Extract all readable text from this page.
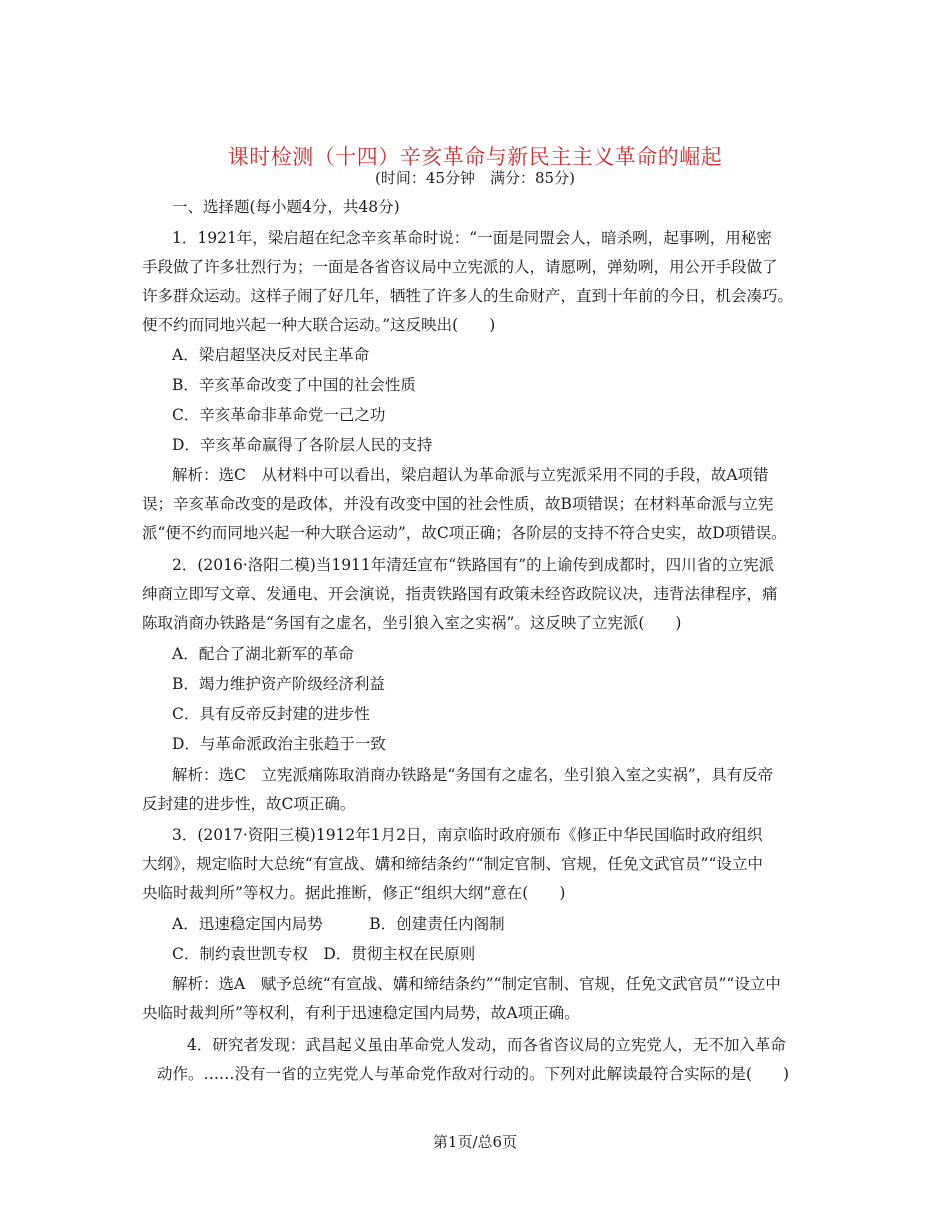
课时检测（十四）辛亥革命与新民主主义革命的崛起
(时间：45分钟　满分：85分)
一、选择题(每小题4分，共48分)
1．1921年，梁启超在纪念辛亥革命时说：“一面是同盟会人，暗杀咧，起事咧，用秘密
手段做了许多壮烈行为；一面是各省咨议局中立宪派的人，请愿咧，弹劾咧，用公开手段做了
许多群众运动。这样子闹了好几年，牺牲了许多人的生命财产，直到十年前的今日，机会凑巧。
便不约而同地兴起一种大联合运动。”这反映出(　　)
A．梁启超坚决反对民主革命
B．辛亥革命改变了中国的社会性质
C．辛亥革命非革命党一己之功
D．辛亥革命赢得了各阶层人民的支持
解析：选C　从材料中可以看出，梁启超认为革命派与立宪派采用不同的手段，故A项错
误；辛亥革命改变的是政体，并没有改变中国的社会性质，故B项错误；在材料革命派与立宪
派“便不约而同地兴起一种大联合运动”，故C项正确；各阶层的支持不符合史实，故D项错误。
2．(2016·洛阳二模)当1911年清廷宣布“铁路国有”的上谕传到成都时，四川省的立宪派
绅商立即写文章、发通电、开会演说，指责铁路国有政策未经咨政院议决，违背法律程序，痛
陈取消商办铁路是“务国有之虚名，坐引狼入室之实祸”。这反映了立宪派(　　)
A．配合了湖北新军的革命
B．竭力维护资产阶级经济利益
C．具有反帝反封建的进步性
D．与革命派政治主张趋于一致
解析：选C　立宪派痛陈取消商办铁路是“务国有之虚名，坐引狼入室之实祸”，具有反帝
反封建的进步性，故C项正确。
3．(2017·资阳三模)1912年1月2日，南京临时政府颁布《修正中华民国临时政府组织
大纲》，规定临时大总统“有宣战、媾和缔结条约”“制定官制、官规，任免文武官员”“设立中
央临时裁判所”等权力。据此推断，修正“组织大纲”意在(　　)
A．迅速稳定国内局势　　　B．创建责任内阁制
C．制约袁世凯专权　D．贯彻主权在民原则
解析：选A　赋予总统“有宣战、媾和缔结条约”“制定官制、官规，任免文武官员”“设立中
央临时裁判所”等权利，有利于迅速稳定国内局势，故A项正确。
4．研究者发现：武昌起义虽由革命党人发动，而各省咨议局的立宪党人，无不加入革命
动作。……没有一省的立宪党人与革命党作敌对行动的。下列对此解读最符合实际的是(　　)
第1页/总6页
